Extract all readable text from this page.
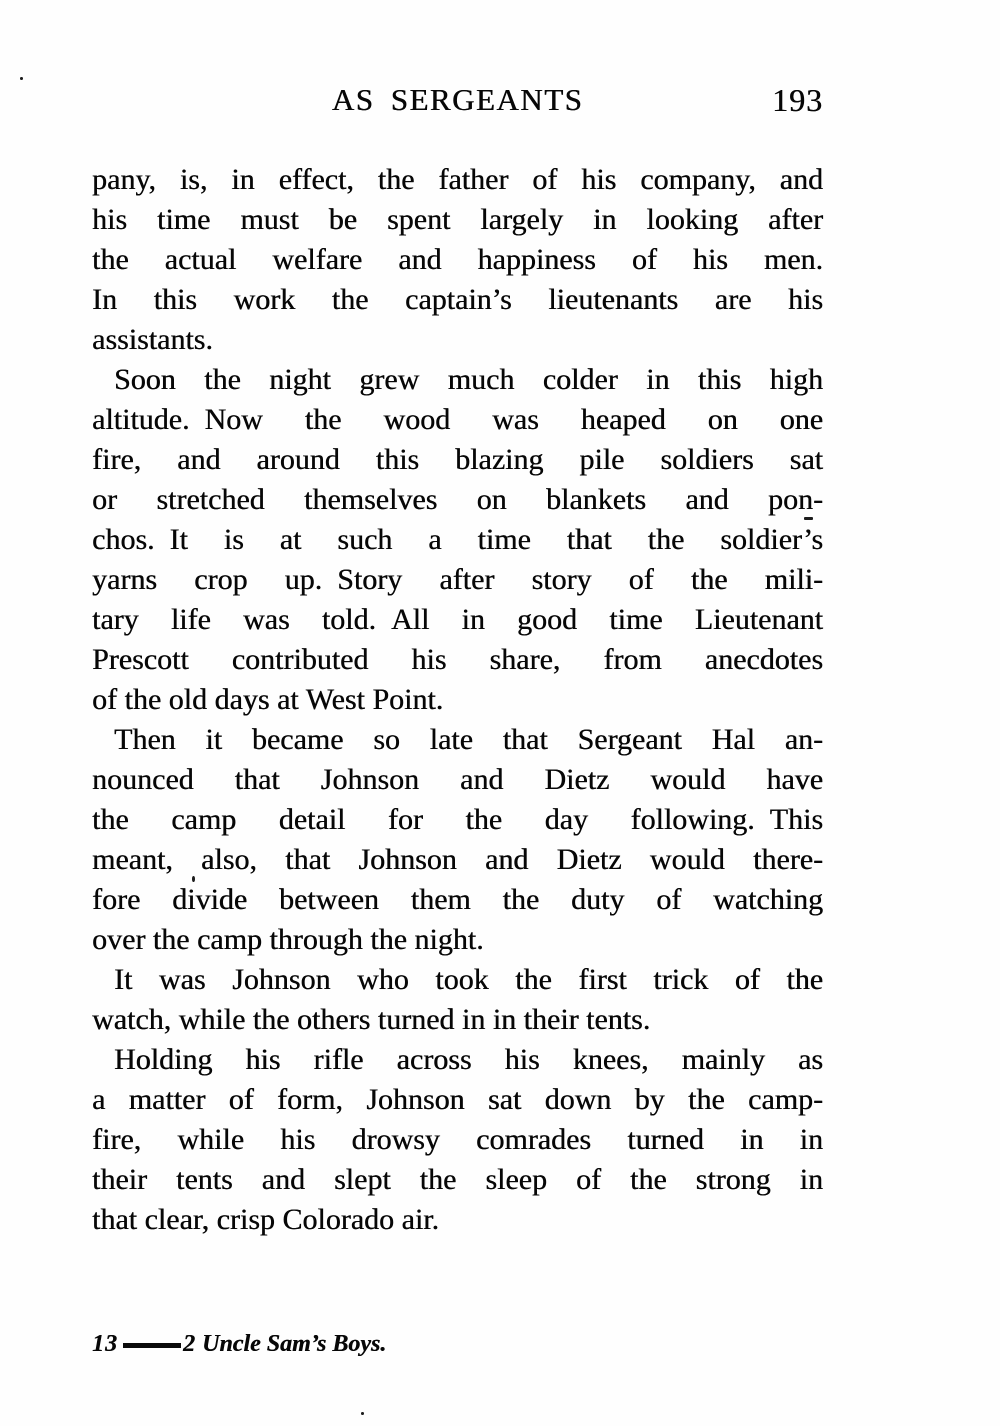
AS SERGEANTS	193
pany, is, in effect, the father of his company, and
his time must be spent largely in looking after
the actual welfare and happiness of his men.
In this work the captain’s lieutenants are his
assistants.
Soon the night grew much colder in this high
altitude. Now the wood was heaped on one
fire, and around this blazing pile soldiers sat
or stretched themselves on blankets and pon-
chos. It is at such a time that the soldier’s
yarns crop up. Story after story of the mili-
tary life was told. All in good time Lieutenant
Prescott contributed his share, from anecdotes
of the old days at West Point.
Then it became so late that Sergeant Hal an-
nounced that Johnson and Dietz would have
the camp detail for the day following. This
meant, also, that Johnson and Dietz would there-
fore divide between them the duty of watching
over the camp through the night.
It was Johnson who took the first trick of the
watch, while the others turned in in their tents.
Holding his rifle across his knees, mainly as
a matter of form, Johnson sat down by the camp-
fire, while his drowsy comrades turned in in
their tents and slept the sleep of the strong in
that clear, crisp Colorado air.
13	2 Uncle Sam’s Boys.
